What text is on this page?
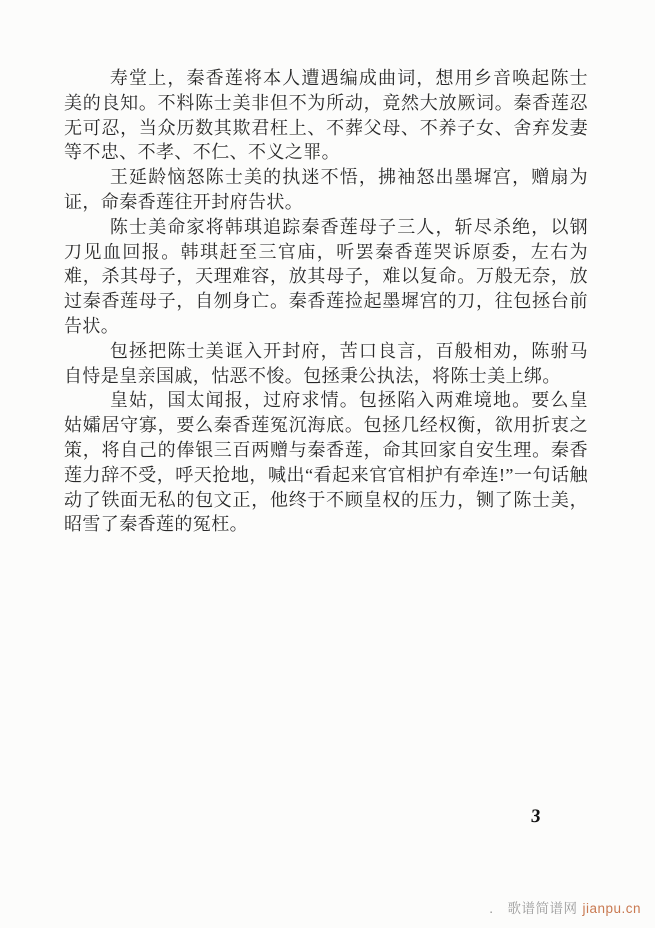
寿堂上，秦香莲将本人遭遇编成曲词，想用乡音唤起陈士美的良知。不料陈士美非但不为所动，竟然大放厥词。秦香莲忍无可忍，当众历数其欺君枉上、不葬父母、不养子女、舍弃发妻等不忠、不孝、不仁、不义之罪。

王延龄恼怒陈士美的执迷不悟，拂袖怒出墨墀宫，赠扇为证，命秦香莲往开封府告状。

陈士美命家将韩琪追踪秦香莲母子三人，斩尽杀绝，以钢刀见血回报。韩琪赶至三官庙，听罢秦香莲哭诉原委，左右为难，杀其母子，天理难容，放其母子，难以复命。万般无奈，放过秦香莲母子，自刎身亡。秦香莲捡起墨墀宫的刀，往包拯台前告状。

包拯把陈士美诓入开封府，苦口良言，百般相劝，陈驸马自恃是皇亲国戚，怙恶不悛。包拯秉公执法，将陈士美上绑。

皇姑，国太闻报，过府求情。包拯陷入两难境地。要么皇姑孀居守寡，要么秦香莲冤沉海底。包拯几经权衡，欲用折衷之策，将自己的俸银三百两赠与秦香莲，命其回家自安生理。秦香莲力辞不受，呼天抢地，喊出“看起来官官相护有牵连!”一句话触动了铁面无私的包文正，他终于不顾皇权的压力，铡了陈士美，昭雪了秦香莲的冤枉。

3
. 歌谱简谱网 jianpu.cn
